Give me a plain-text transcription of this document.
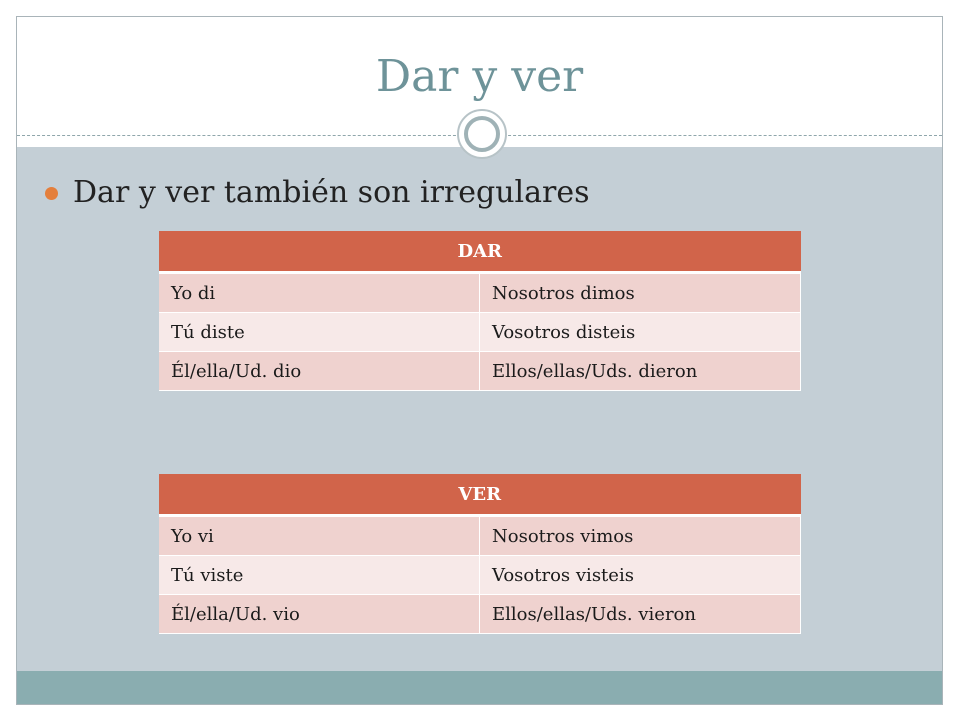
Dar y ver
Dar y ver también son irregulares
DAR	
Yo di	Nosotros dimos
Tú diste	Vosotros disteis
Él/ella/Ud. dio	Ellos/ellas/Uds. dieron
VER	
Yo vi	Nosotros vimos
Tú viste	Vosotros visteis
Él/ella/Ud. vio	Ellos/ellas/Uds. vieron
